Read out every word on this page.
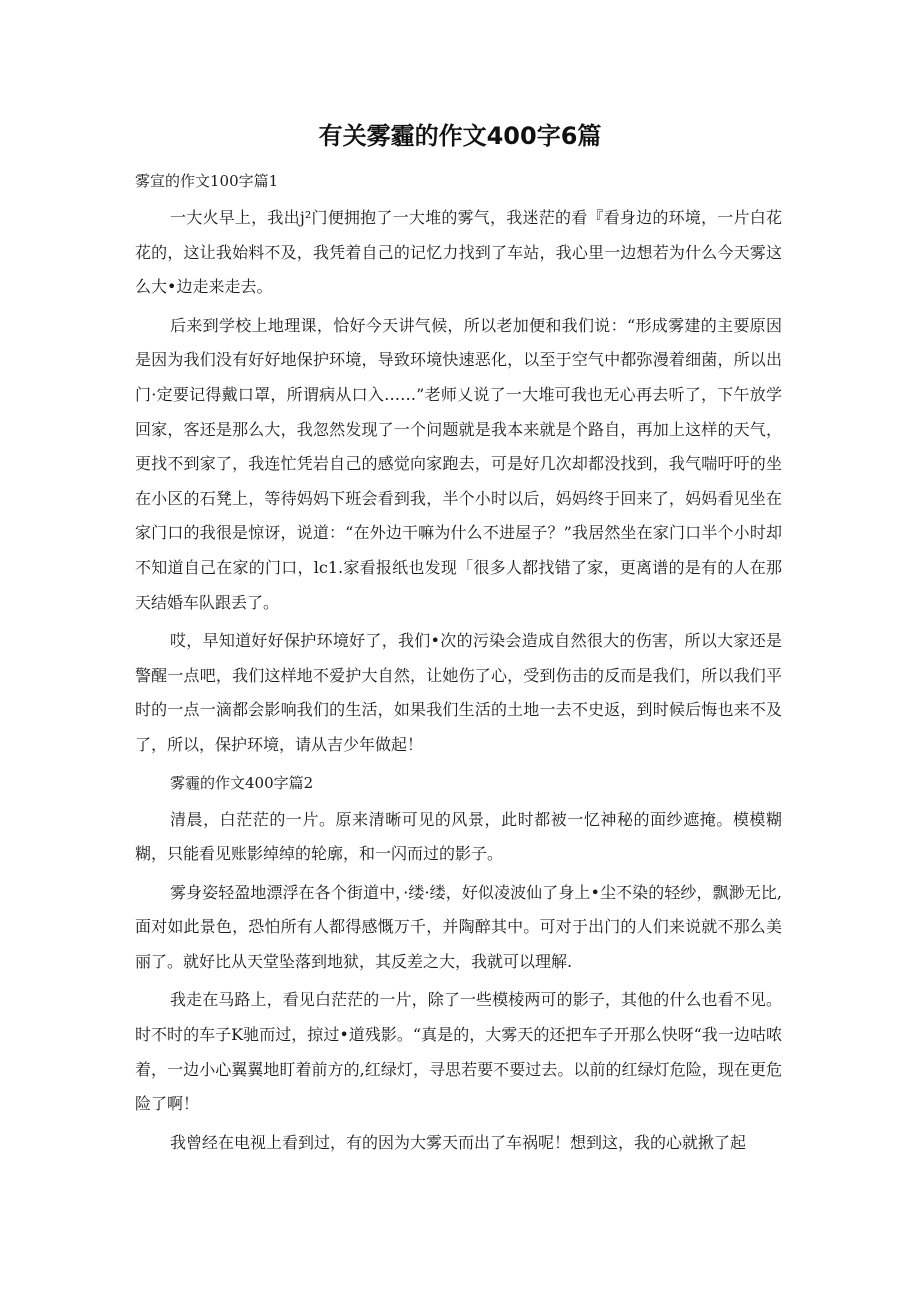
有关雾霾的作文400字6篇
雾宣的作文100字篇1

一大火早上，我出j²门便拥抱了一大堆的雾气，我迷茫的看『看身边的环境，一片白花花的，这让我始料不及，我凭着自己的记忆力找到了车站，我心里一边想若为什么今天雾这么大•边走来走去。

后来到学校上地理课，恰好今天讲气候，所以老加便和我们说：“形成雾建的主要原因是因为我们没有好好地保护环境，导致环境快速恶化，以至于空气中都弥漫着细菌，所以出门·定要记得戴口罩，所谓病从口入……”老师乂说了一大堆可我也无心再去听了，下午放学回家，客还是那么大，我忽然发现了一个问题就是我本来就是个路自，再加上这样的天气，更找不到家了，我连忙凭岩自己的感觉向家跑去，可是好几次却都没找到，我气喘吁吁的坐在小区的石凳上，等待妈妈下班会看到我，半个小时以后，妈妈终于回来了，妈妈看见坐在家门口的我很是惊讶，说道：“在外边干嘛为什么不进屋子？”我居然坐在家门口半个小时却不知道自己在家的门口，lc1.家看报纸也发现「很多人都找错了家，更离谱的是有的人在那天结婚车队跟丢了。

哎，早知道好好保护环境好了，我们•次的污染会造成自然很大的伤害，所以大家还是警醒一点吧，我们这样地不爱护大自然，让她伤了心，受到伤击的反而是我们，所以我们平时的一点一滴都会影响我们的生活，如果我们生活的土地一去不史返，到时候后悔也来不及了，所以，保护环境，请从吉少年做起！

雾霾的作文400字篇2

清晨，白茫茫的一片。原来清晰可见的风景，此时都被一忆神秘的面纱遮掩。模模糊糊，只能看见账影绰绰的轮廓，和一闪而过的影子。

雾身姿轻盈地漂浮在各个街道中，·缕·缕，好似凌波仙了身上•尘不染的轻纱，飘渺无比,面对如此景色，恐怕所有人都得感慨万千，并陶醉其中。可对于出门的人们来说就不那么美丽了。就好比从天堂坠落到地狱，其反差之大，我就可以理解.

我走在马路上，看见白茫茫的一片，除了一些模棱两可的影子，其他的什么也看不见。时不时的车子K驰而过，掠过•道残影。“真是的，大雾天的还把车子开那么快呀“我一边咕哝着，一边小心翼翼地盯着前方的,红绿灯，寻思若要不要过去。以前的红绿灯危险，现在更危险了啊！

我曾经在电视上看到过，有的因为大雾天而出了车祸呢！想到这，我的心就揪了起
